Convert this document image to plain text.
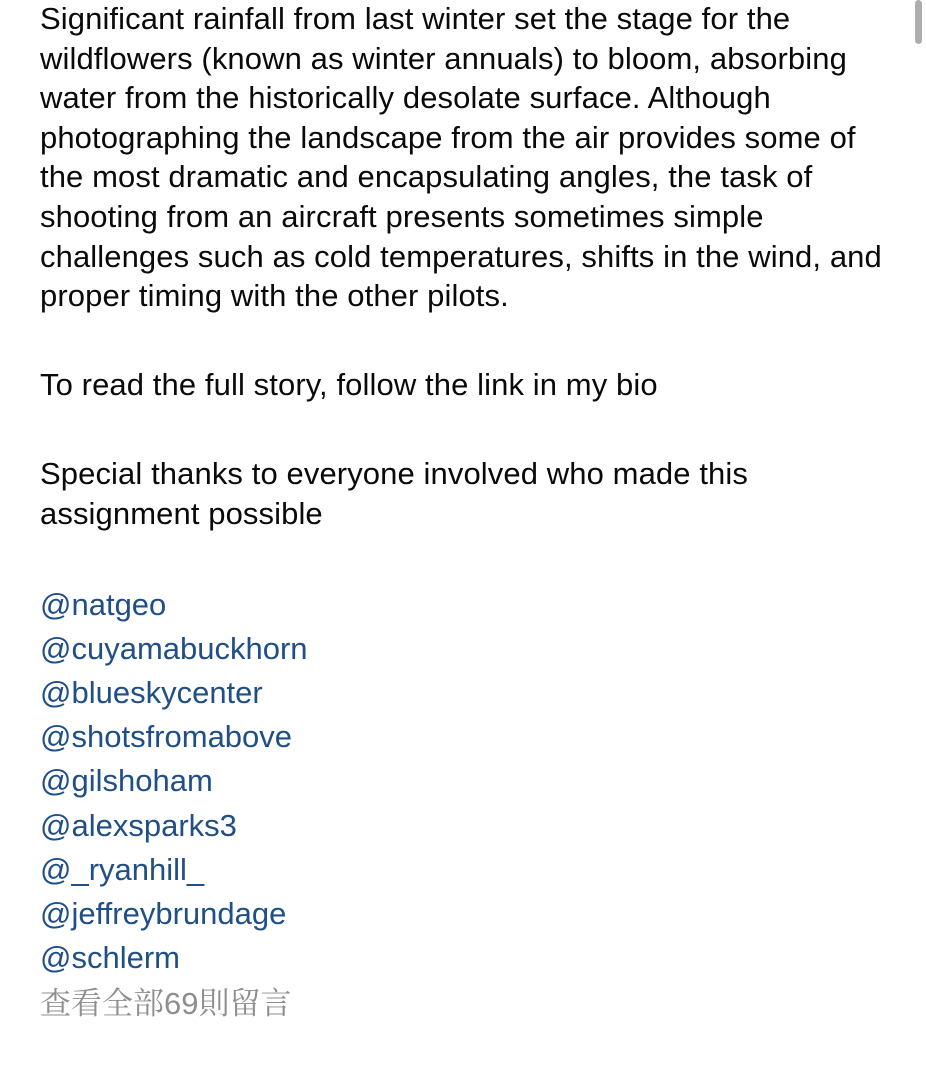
Significant rainfall from last winter set the stage for the wildflowers (known as winter annuals) to bloom, absorbing water from the historically desolate surface. Although photographing the landscape from the air provides some of the most dramatic and encapsulating angles, the task of shooting from an aircraft presents sometimes simple challenges such as cold temperatures, shifts in the wind, and proper timing with the other pilots.

To read the full story, follow the link in my bio

Special thanks to everyone involved who made this assignment possible

@natgeo
@cuyamabuckhorn
@blueskycenter
@shotsfromabove
@gilshoham
@alexsparks3
@_ryanhill_
@jeffreybrundage
@schlerm
查看全部69則留言
